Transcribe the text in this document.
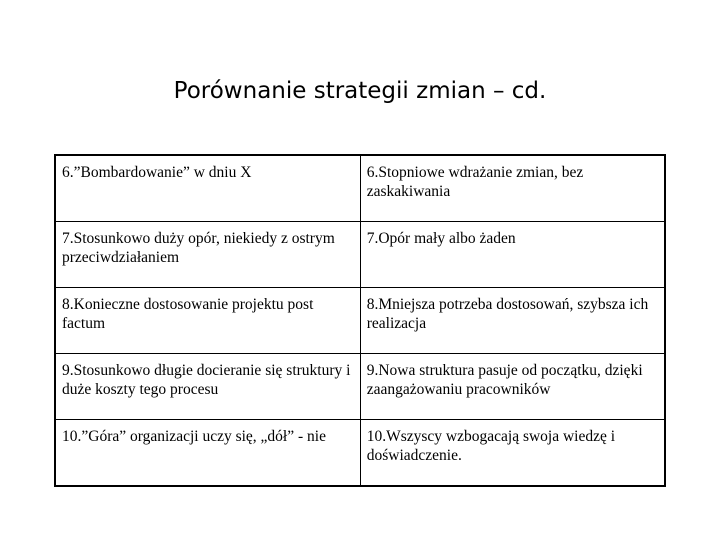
Porównanie strategii zmian – cd.
6.”Bombardowanie” w dniu X	6.Stopniowe wdrażanie zmian, bez zaskakiwania
7.Stosunkowo duży opór, niekiedy z ostrym przeciwdziałaniem	7.Opór mały albo żaden
8.Konieczne dostosowanie projektu post factum	8.Mniejsza potrzeba dostosowań, szybsza ich realizacja
9.Stosunkowo długie docieranie się struktury i duże koszty tego procesu	9.Nowa struktura pasuje od początku, dzięki zaangażowaniu pracowników
10.”Góra” organizacji uczy się, „dół” - nie	10.Wszyscy wzbogacają swoja wiedzę i doświadczenie.
